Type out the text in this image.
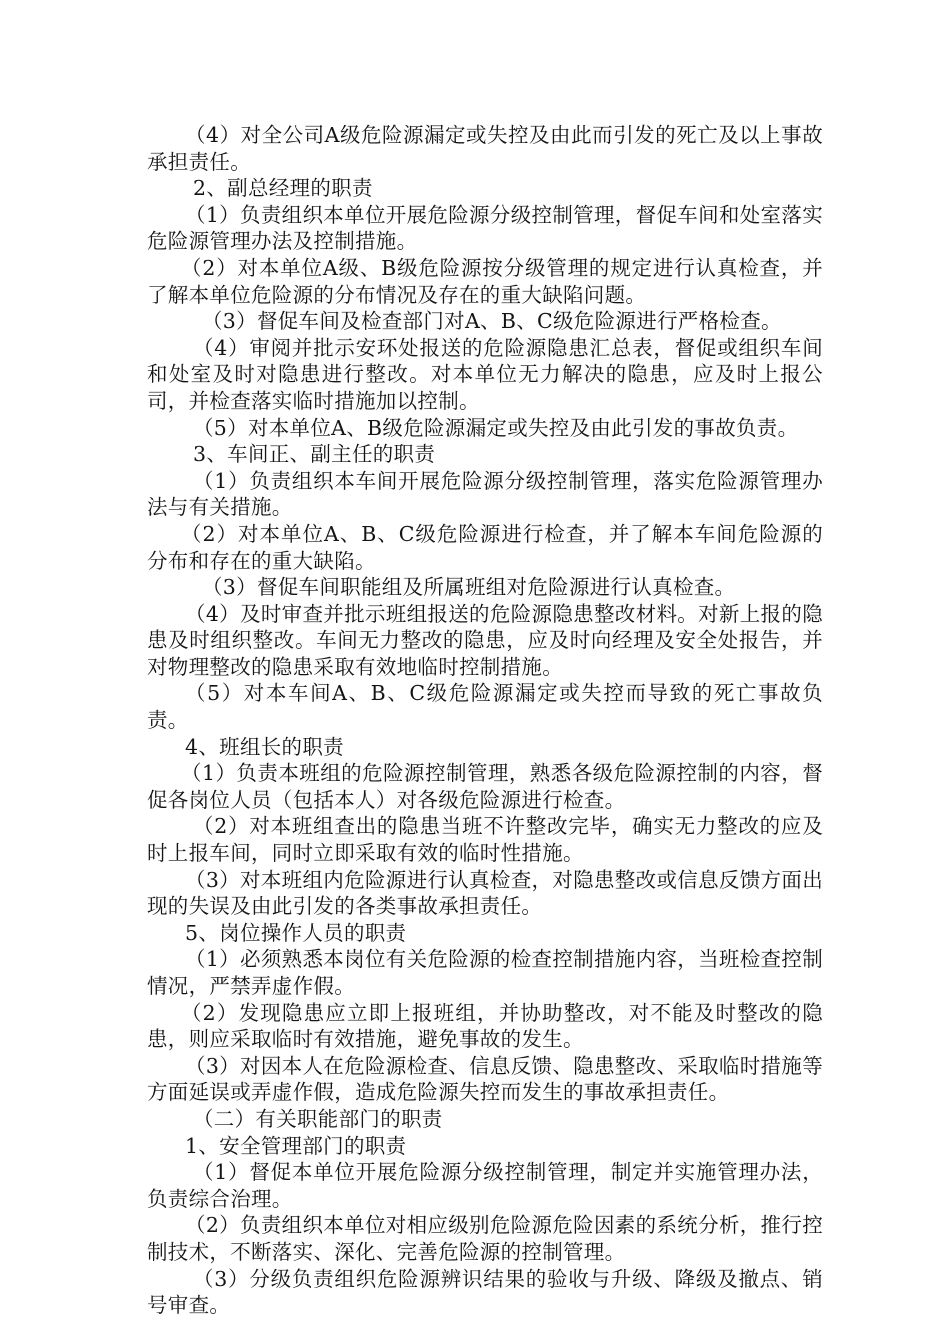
（4）对全公司A级危险源漏定或失控及由此而引发的死亡及以上事故承担责任。

2、副总经理的职责

（1）负责组织本单位开展危险源分级控制管理，督促车间和处室落实危险源管理办法及控制措施。

（2）对本单位A级、B级危险源按分级管理的规定进行认真检查，并了解本单位危险源的分布情况及存在的重大缺陷问题。

（3）督促车间及检查部门对A、B、C级危险源进行严格检查。

（4）审阅并批示安环处报送的危险源隐患汇总表，督促或组织车间和处室及时对隐患进行整改。对本单位无力解决的隐患，应及时上报公司，并检查落实临时措施加以控制。

（5）对本单位A、B级危险源漏定或失控及由此引发的事故负责。

3、车间正、副主任的职责

（1）负责组织本车间开展危险源分级控制管理，落实危险源管理办法与有关措施。

（2）对本单位A、B、C级危险源进行检查，并了解本车间危险源的分布和存在的重大缺陷。

（3）督促车间职能组及所属班组对危险源进行认真检查。

（4）及时审查并批示班组报送的危险源隐患整改材料。对新上报的隐患及时组织整改。车间无力整改的隐患，应及时向经理及安全处报告，并对物理整改的隐患采取有效地临时控制措施。

（5）对本车间A、B、C级危险源漏定或失控而导致的死亡事故负责。

4、班组长的职责

（1）负责本班组的危险源控制管理，熟悉各级危险源控制的内容，督促各岗位人员（包括本人）对各级危险源进行检查。

（2）对本班组查出的隐患当班不许整改完毕，确实无力整改的应及时上报车间，同时立即采取有效的临时性措施。

（3）对本班组内危险源进行认真检查，对隐患整改或信息反馈方面出现的失误及由此引发的各类事故承担责任。

5、岗位操作人员的职责

（1）必须熟悉本岗位有关危险源的检查控制措施内容，当班检查控制情况，严禁弄虚作假。

（2）发现隐患应立即上报班组，并协助整改，对不能及时整改的隐患，则应采取临时有效措施，避免事故的发生。

（3）对因本人在危险源检查、信息反馈、隐患整改、采取临时措施等方面延误或弄虚作假，造成危险源失控而发生的事故承担责任。

（二）有关职能部门的职责

1、安全管理部门的职责

（1）督促本单位开展危险源分级控制管理，制定并实施管理办法，负责综合治理。

（2）负责组织本单位对相应级别危险源危险因素的系统分析，推行控制技术，不断落实、深化、完善危险源的控制管理。

（3）分级负责组织危险源辨识结果的验收与升级、降级及撤点、销号审查。
